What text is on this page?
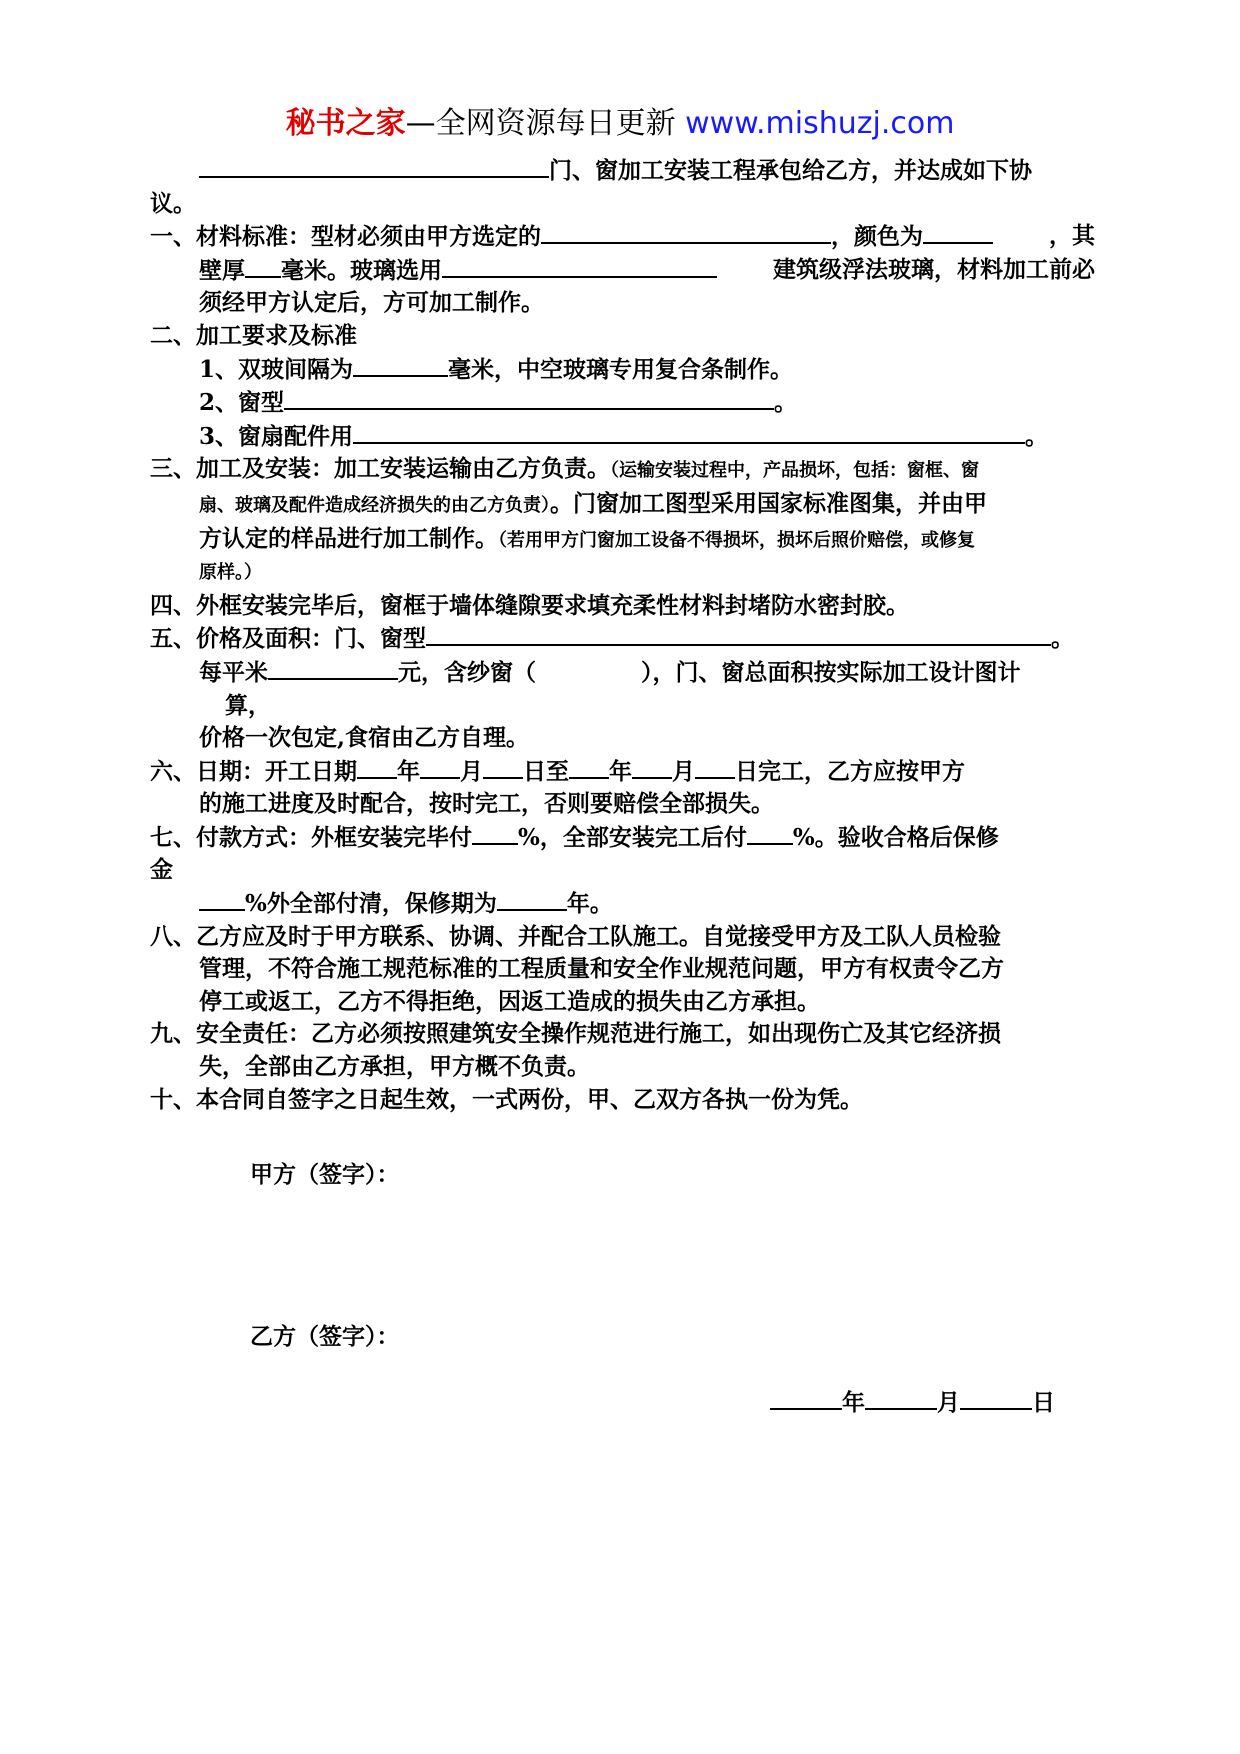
秘书之家—全网资源每日更新 www.mishuzj.com
门、窗加工安装工程承包给乙方，并达成如下协
议。
一、材料标准：型材必须由甲方选定的	，颜色为	，其
壁厚 毫米。玻璃选用	建筑级浮法玻璃，材料加工前必
须经甲方认定后，方可加工制作。
二、加工要求及标准
1、双玻间隔为	毫米，中空玻璃专用复合条制作。
2、窗型	。
3、窗扇配件用	。
三、加工及安装：加工安装运输由乙方负责。（运输安装过程中，产品损坏，包括：窗框、窗
扇、玻璃及配件造成经济损失的由乙方负责）。门窗加工图型采用国家标准图集，并由甲
方认定的样品进行加工制作。（若用甲方门窗加工设备不得损坏，损坏后照价赔偿，或修复
原样。）
四、外框安装完毕后，窗框于墙体缝隙要求填充柔性材料封堵防水密封胶。
五、价格及面积：门、窗型	。
每平米	元，含纱窗（	），门、窗总面积按实际加工设计图计
算，
价格一次包定,食宿由乙方自理。
六、日期：开工日期 年 月 日至 年 月 日完工，乙方应按甲方
的施工进度及时配合，按时完工，否则要赔偿全部损失。
七、付款方式：外框安装完毕付 %，全部安装完工后付 %。验收合格后保修
金
%外全部付清，保修期为	年。
八、乙方应及时于甲方联系、协调、并配合工队施工。自觉接受甲方及工队人员检验
管理，不符合施工规范标准的工程质量和安全作业规范问题，甲方有权责令乙方
停工或返工，乙方不得拒绝，因返工造成的损失由乙方承担。
九、安全责任：乙方必须按照建筑安全操作规范进行施工，如出现伤亡及其它经济损
失，全部由乙方承担，甲方概不负责。
十、本合同自签字之日起生效，一式两份，甲、乙双方各执一份为凭。
甲方（签字）：
乙方（签字）：
年	月	日
